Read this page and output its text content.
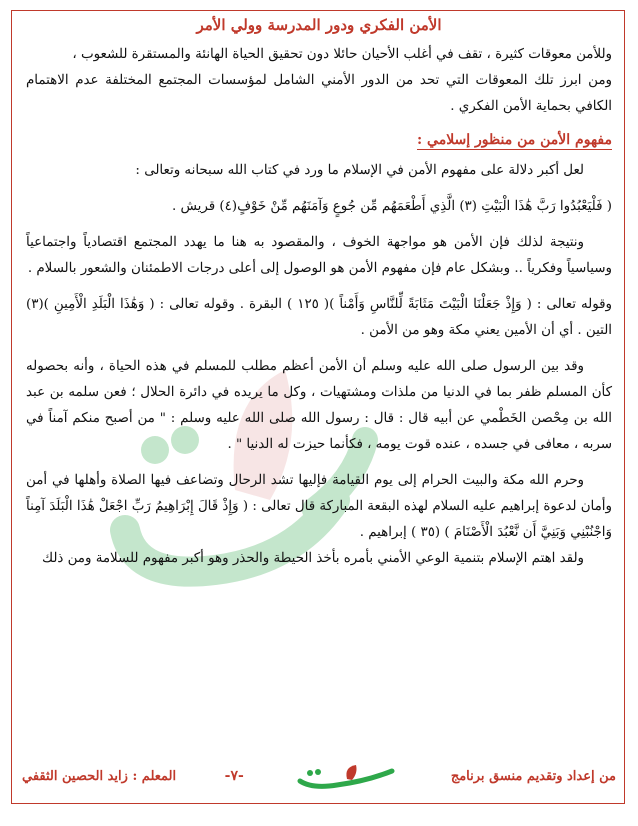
الأمن الفكري ودور المدرسة وولي الأمر

وللأمن معوقات كثيرة ، تقف في أغلب الأحيان حائلا دون تحقيق الحياة الهانئة والمستقرة للشعوب ،

ومن ابرز تلك المعوقات التي تحد من الدور الأمني الشامل لمؤسسات المجتمع المختلفة عدم الاهتمام الكافي بحماية الأمن الفكري .

مفهوم الأمن من منظور إسلامي :

لعل أكبر دلالة على مفهوم الأمن في الإسلام ما ورد في كتاب الله سبحانه وتعالى :

( فَلْيَعْبُدُوا رَبَّ هَٰذَا الْبَيْتِ (٣) الَّذِي أَطْعَمَهُم مِّن جُوعٍ وَآمَنَهُم مِّنْ خَوْفٍ(٤) قريش .

ونتيجة لذلك فإن الأمن هو مواجهة الخوف ، والمقصود به هنا ما يهدد المجتمع اقتصادياً واجتماعياً وسياسياً وفكرياً .. وبشكل عام فإن مفهوم الأمن هو الوصول إلى أعلى درجات الاطمئنان والشعور بالسلام .

وقوله تعالى : ( وَإِذْ جَعَلْنَا الْبَيْتَ مَثَابَةً لِّلنَّاسِ وَأَمْناً )( ١٢٥ ) البقرة . وقوله تعالى : ( وَهَٰذَا الْبَلَدِ الْأَمِينِ )(٣) التين . أي أن الأمين يعني مكة وهو من الأمن .

وقد بين الرسول صلى الله عليه وسلم أن الأمن أعظم مطلب للمسلم في هذه الحياة ، وأنه بحصوله كأن المسلم ظفر بما في الدنيا من ملذات ومشتهيات ، وكل ما يريده في دائرة الحلال ؛ فعن سلمه بن عبد الله بن مِحْصن الخَطْمي عن أبيه قال : قال : رسول الله صلى الله عليه وسلم : " من أصبح منكم آمناً في سربه ، معافى في جسده ، عنده قوت يومه ، فكأنما حيزت له الدنيا " .

وحرم الله مكة والبيت الحرام إلى يوم القيامة فإليها تشد الرحال وتضاعف فيها الصلاة وأهلها في أمن وأمان لدعوة إبراهيم عليه السلام لهذه البقعة المباركة قال تعالى : ( وَإِذْ قَالَ إِبْرَاهِيمُ رَبِّ اجْعَلْ هَٰذَا الْبَلَدَ آمِناً وَاجْنُبْنِي وَبَنِيَّ أَن نَّعْبُدَ الْأَصْنَامَ ) (٣٥ ) إبراهيم .

ولقد اهتم الإسلام بتنمية الوعي الأمني بأمره بأخذ الحيطة والحذر وهو أكبر مفهوم للسلامة ومن ذلك

من إعداد وتقديم منسق برنامج
-٧-
المعلم : زايد الحصين الثقفي
